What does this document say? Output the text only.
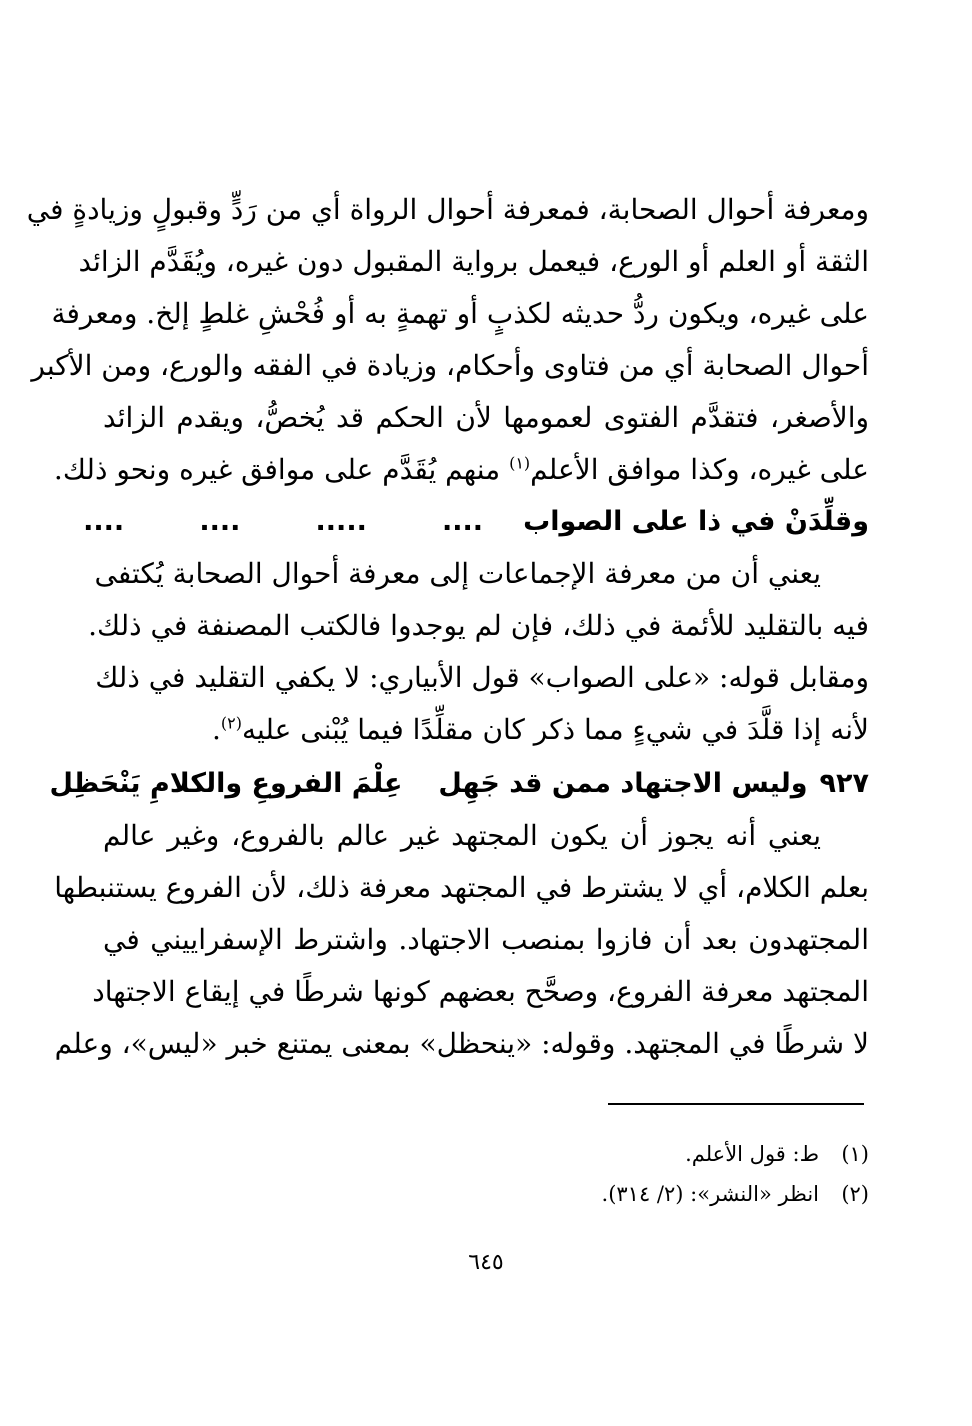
ومعرفة أحوال الصحابة، فمعرفة أحوال الرواة أي من رَدٍّ وقبولٍ وزيادةٍ في
الثقة أو العلم أو الورع، فيعمل برواية المقبول دون غيره، ويُقَدَّم الزائد
على غيره، ويكون ردُّ حديثه لكذبٍ أو تهمةٍ به أو فُحْشِ غلطٍ إلخ. ومعرفة
أحوال الصحابة أي من فتاوى وأحكام، وزيادة في الفقه والورع، ومن الأكبر
والأصغر، فتقدَّم الفتوى لعمومها لأن الحكم قد يُخصُّ، ويقدم الزائد
على غيره، وكذا موافق الأعلم$^{(١)}$ منهم يُقَدَّم على موافق غيره ونحو ذلك.
وقلِّدَنْ في ذا على الصواب....        .....        ....        ....
يعني أن من معرفة الإجماعات إلى معرفة أحوال الصحابة يُكتفى
فيه بالتقليد للأئمة في ذلك، فإن لم يوجدوا فالكتب المصنفة في ذلك.
ومقابل قوله: «على الصواب» قول الأبياري: لا يكفي التقليد في ذلك
لأنه إذا قلَّدَ في شيءٍ مما ذكر كان مقلِّدًا فيما يُبْنى عليه$^{(٢)}$.
٩٢٧وليس الاجتهاد ممن قد جَهِلعِلْمَ الفروعِ والكلامِ يَنْحَظِل
يعني أنه يجوز أن يكون المجتهد غير عالم بالفروع، وغير عالم
بعلم الكلام، أي لا يشترط في المجتهد معرفة ذلك، لأن الفروع يستنبطها
المجتهدون بعد أن فازوا بمنصب الاجتهاد. واشترط الإسفراييني في
المجتهد معرفة الفروع، وصحَّح بعضهم كونها شرطًا في إيقاع الاجتهاد
لا شرطًا في المجتهد. وقوله: «ينحظل» بمعنى يمتنع خبر «ليس»، وعلم
(١)ط: قول الأعلم.
(٢)انظر «النشر»: (٢/ ٣١٤).
٦٤٥
